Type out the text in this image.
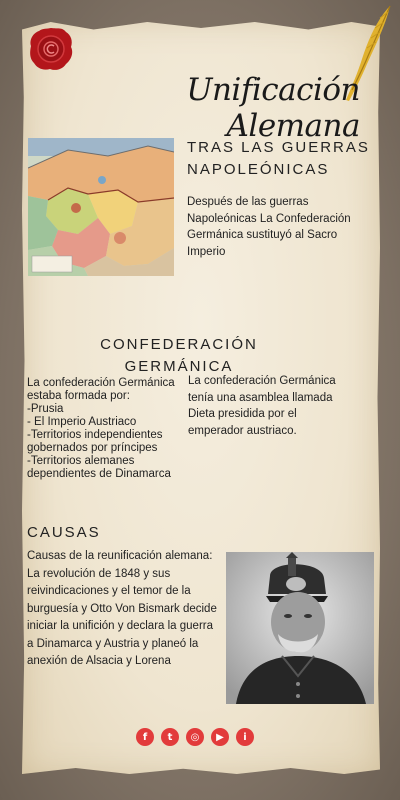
Unificación Alemana
TRAS LAS GUERRAS NAPOLEÓNICAS
Después de las guerras Napoleónicas La Confederación Germánica sustituyó al Sacro Imperio
CONFEDERACIÓN GERMÁNICA
La confederación Germánica estaba formada por:
-Prusia
- El Imperio Austriaco
-Territorios independientes gobernados por príncipes
-Territorios alemanes dependientes de Dinamarca
La confederación Germánica tenía una asamblea llamada Dieta presidida por el emperador austriaco.
CAUSAS
Causas de la reunificación alemana: La revolución de 1848 y sus reivindicaciones y el temor de la burguesía y Otto Von Bismark decide iniciar la unifición y declara la guerra a Dinamarca y Austria y planeó la anexión de Alsacia y Lorena
f	t	◎	▶	i
